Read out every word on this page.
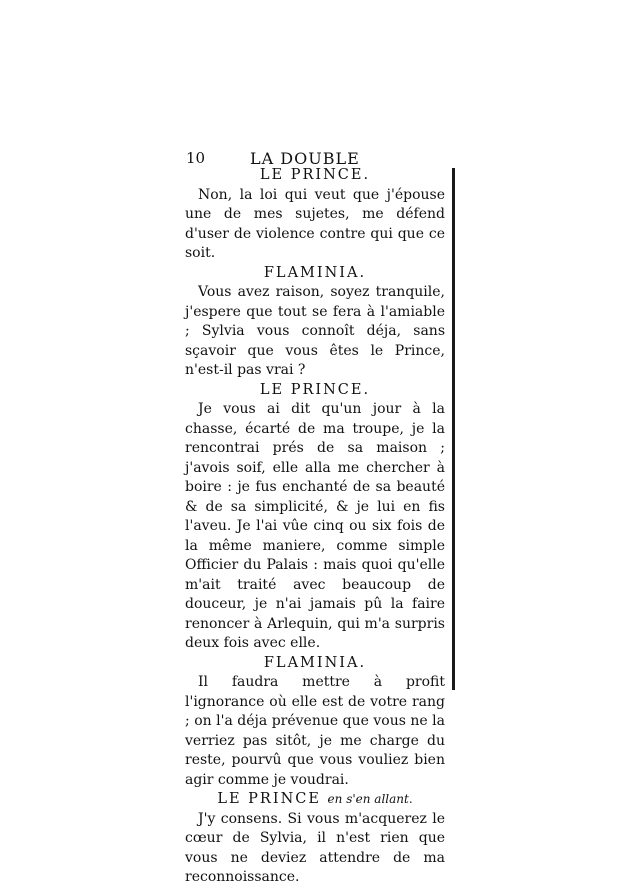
10	LA DOUBLE

LE PRINCE.

Non, la loi qui veut que j'épouse une de mes sujetes, me défend d'user de violence contre qui que ce soit.

FLAMINIA.

Vous avez raison, soyez tranquile, j'espere que tout se fera à l'amiable ; Sylvia vous connoît déja, sans sçavoir que vous êtes le Prince, n'est-il pas vrai ?

LE PRINCE.

Je vous ai dit qu'un jour à la chasse, écarté de ma troupe, je la rencontrai prés de sa maison ; j'avois soif, elle alla me chercher à boire : je fus enchanté de sa beauté & de sa simplicité, & je lui en fis l'aveu. Je l'ai vûe cinq ou six fois de la même maniere, comme simple Officier du Palais : mais quoi qu'elle m'ait traité avec beaucoup de douceur, je n'ai jamais pû la faire renoncer à Arlequin, qui m'a surpris deux fois avec elle.

FLAMINIA.

Il faudra mettre à profit l'ignorance où elle est de votre rang ; on l'a déja prévenue que vous ne la verriez pas sitôt, je me charge du reste, pourvû que vous vouliez bien agir comme je voudrai.

LE PRINCE en s'en allant.

J'y consens. Si vous m'acquerez le cœur de Sylvia, il n'est rien que vous ne deviez attendre de ma reconnoissance.
